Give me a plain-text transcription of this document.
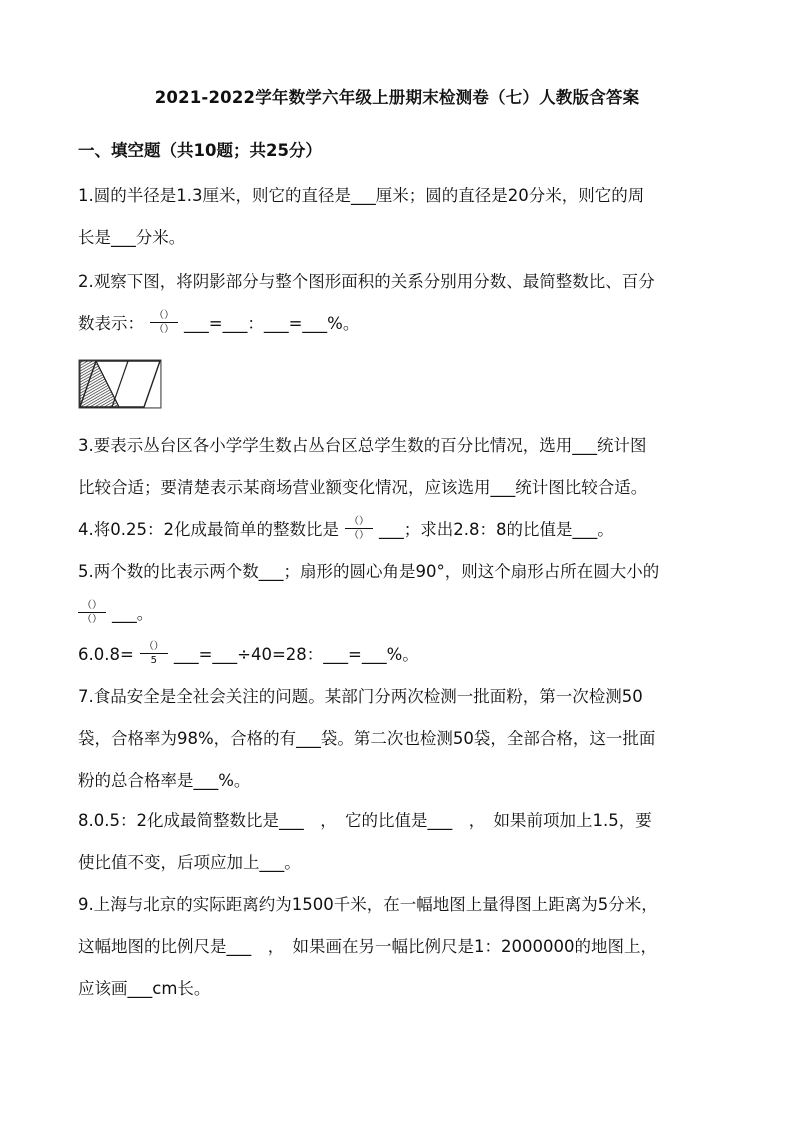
2021-2022学年数学六年级上册期末检测卷（七）人教版含答案
一、填空题（共10题；共25分）
1.圆的半径是1.3厘米，则它的直径是___厘米；圆的直径是20分米，则它的周
长是___分米。
2.观察下图，将阴影部分与整个图形面积的关系分别用分数、最简整数比、百分
数表示： $\frac{()}{()}$ ___=___：___=___%。
3.要表示丛台区各小学学生数占丛台区总学生数的百分比情况，选用___统计图
比较合适；要清楚表示某商场营业额变化情况，应该选用___统计图比较合适。
4.将0.25：2化成最简单的整数比是 $\frac{()}{()}$ ___；求出2.8：8的比值是___。
5.两个数的比表示两个数___；扇形的圆心角是90°，则这个扇形占所在圆大小的
$\frac{()}{()}$ ___。
$6.0.8= \frac{()}{5}$ ___=___÷40=28：___=___%。
7.食品安全是全社会关注的问题。某部门分两次检测一批面粉，第一次检测50
袋，合格率为98%，合格的有___袋。第二次也检测50袋，全部合格，这一批面
粉的总合格率是___%。
8.0.5：2化成最简整数比是___　，　它的比值是___　，　如果前项加上1.5，要
使比值不变，后项应加上___。
9.上海与北京的实际距离约为1500千米，在一幅地图上量得图上距离为5分米，
这幅地图的比例尺是___　，　如果画在另一幅比例尺是1：2000000的地图上，
应该画___cm长。
